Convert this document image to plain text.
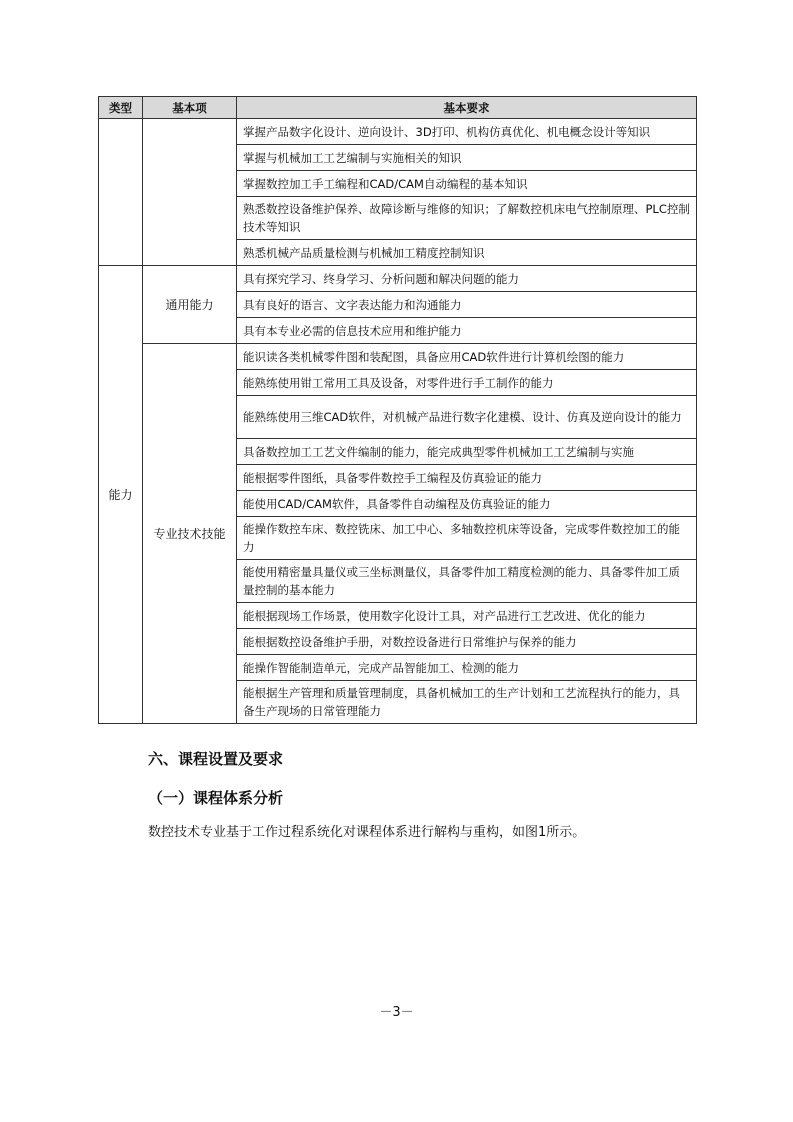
类型	基本项	基本要求
		掌握产品数字化设计、逆向设计、3D打印、机构仿真优化、机电概念设计等知识
		掌握与机械加工工艺编制与实施相关的知识
		掌握数控加工手工编程和CAD/CAM自动编程的基本知识
		熟悉数控设备维护保养、故障诊断与维修的知识；了解数控机床电气控制原理、PLC控制技术等知识
		熟悉机械产品质量检测与机械加工精度控制知识
能力	通用能力	具有探究学习、终身学习、分析问题和解决问题的能力
		具有良好的语言、文字表达能力和沟通能力
		具有本专业必需的信息技术应用和维护能力
	专业技术技能	能识读各类机械零件图和装配图，具备应用CAD软件进行计算机绘图的能力
		能熟练使用钳工常用工具及设备，对零件进行手工制作的能力
		能熟练使用三维CAD软件，对机械产品进行数字化建模、设计、仿真及逆向设计的能力
		具备数控加工工艺文件编制的能力，能完成典型零件机械加工工艺编制与实施
		能根据零件图纸，具备零件数控手工编程及仿真验证的能力
		能使用CAD/CAM软件，具备零件自动编程及仿真验证的能力
		能操作数控车床、数控铣床、加工中心、多轴数控机床等设备，完成零件数控加工的能力
		能使用精密量具量仪或三坐标测量仪，具备零件加工精度检测的能力、具备零件加工质量控制的基本能力
		能根据现场工作场景，使用数字化设计工具，对产品进行工艺改进、优化的能力
		能根据数控设备维护手册，对数控设备进行日常维护与保养的能力
		能操作智能制造单元，完成产品智能加工、检测的能力
		能根据生产管理和质量管理制度，具备机械加工的生产计划和工艺流程执行的能力，具备生产现场的日常管理能力
六、课程设置及要求
（一）课程体系分析
数控技术专业基于工作过程系统化对课程体系进行解构与重构，如图1所示。
－3－
